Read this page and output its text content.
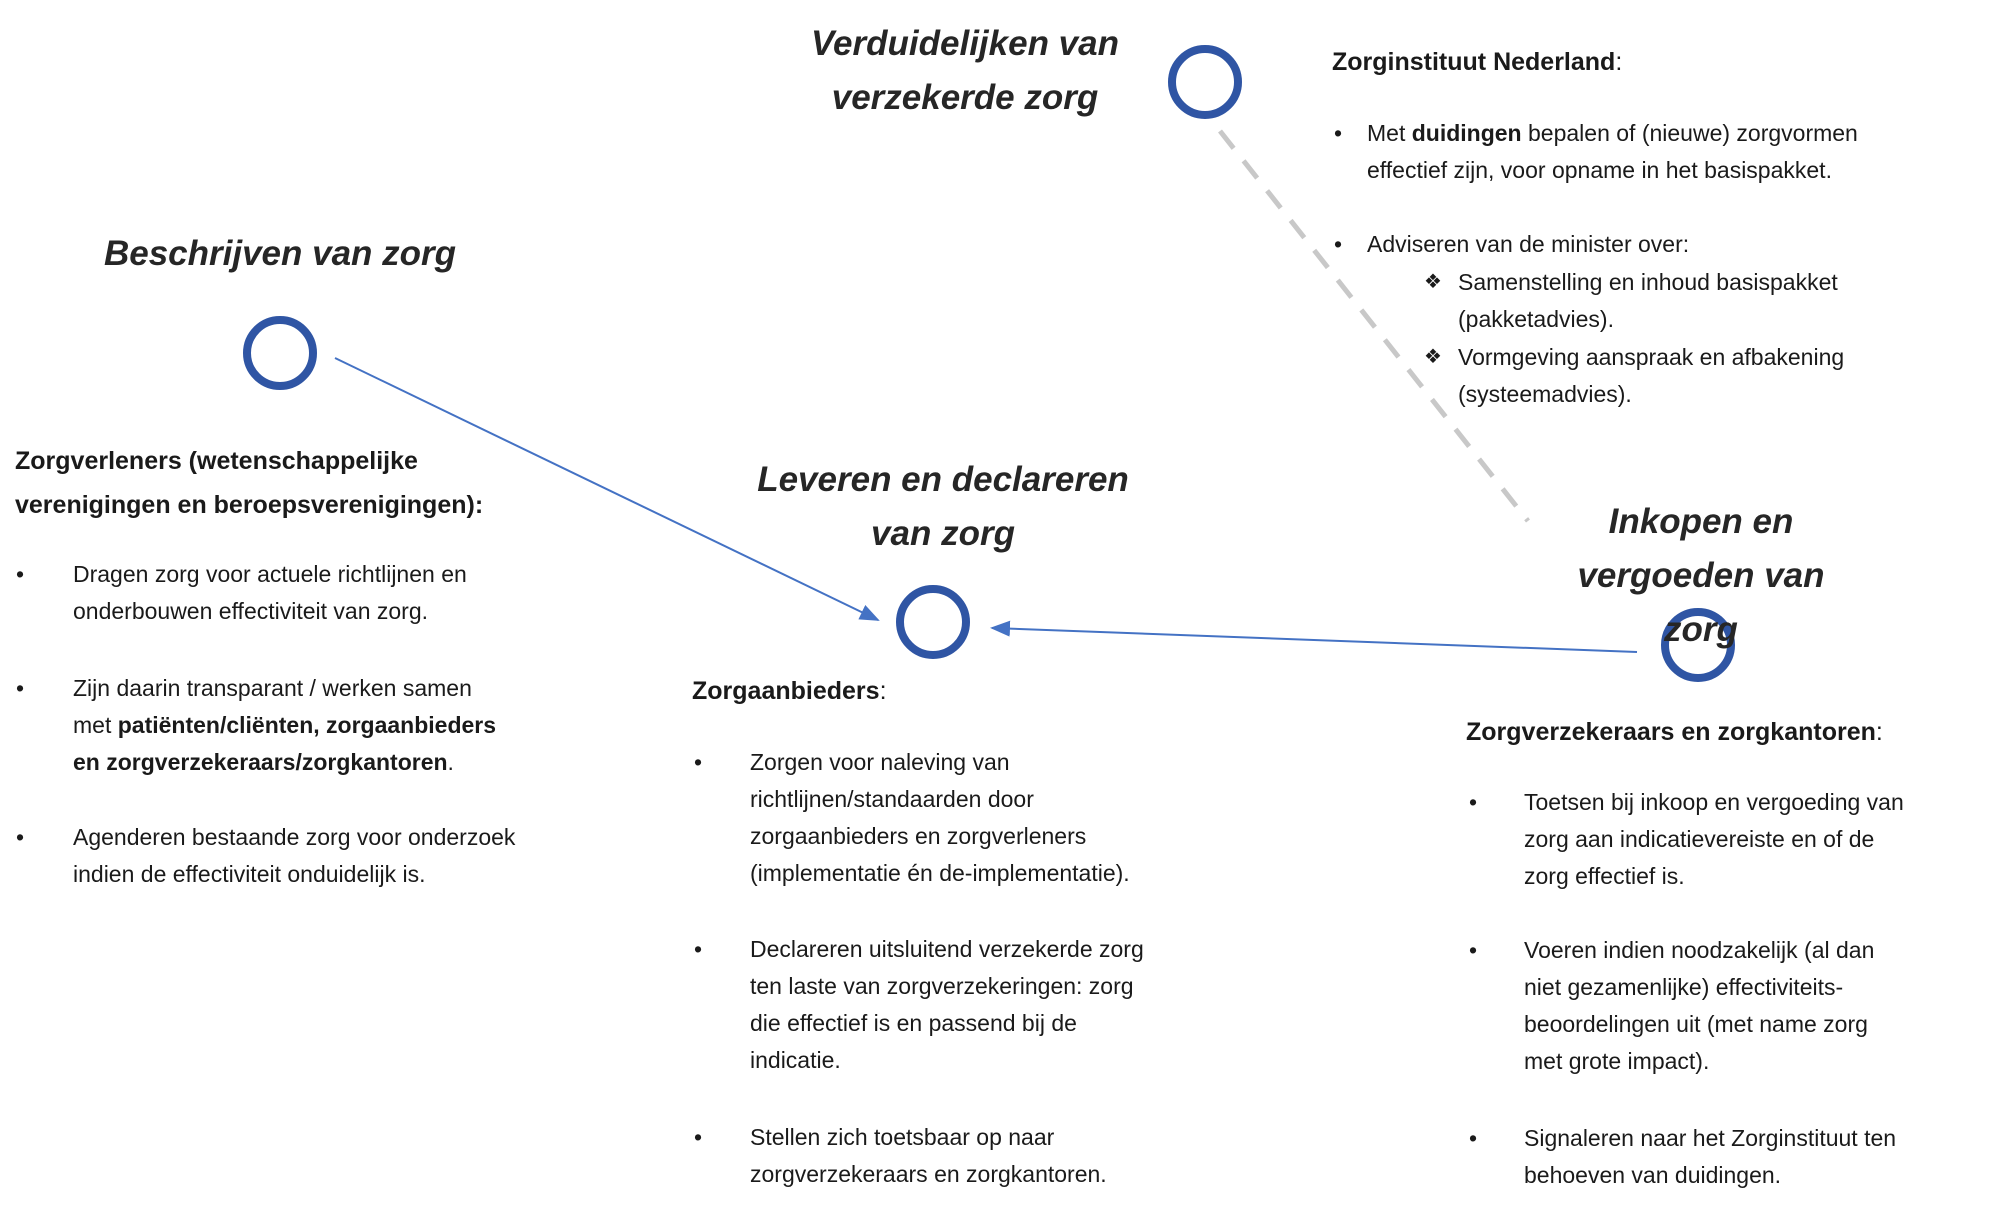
Verduidelijken van
verzekerde zorg
Beschrijven van zorg
Leveren en declareren
van zorg	Inkopen en
vergoeden van zorg
Zorginstituut Nederland:
• Met duidingen bepalen of (nieuwe) zorgvormen
effectief zijn, voor opname in het basispakket.
• Adviseren van de minister over:
❖ Samenstelling en inhoud basispakket
(pakketadvies).
❖ Vormgeving aanspraak en afbakening
(systeemadvies).
Zorgverleners (wetenschappelijke
verenigingen en beroepsverenigingen):
• Dragen zorg voor actuele richtlijnen en
onderbouwen effectiviteit van zorg.
• Zijn daarin transparant / werken samen
met patiënten/cliënten, zorgaanbieders
en zorgverzekeraars/zorgkantoren.
• Agenderen bestaande zorg voor onderzoek
indien de effectiviteit onduidelijk is.
Zorgaanbieders:
• Zorgen voor naleving van
richtlijnen/standaarden door
zorgaanbieders en zorgverleners
(implementatie én de-implementatie).
• Declareren uitsluitend verzekerde zorg
ten laste van zorgverzekeringen: zorg
die effectief is en passend bij de
indicatie.
• Stellen zich toetsbaar op naar
zorgverzekeraars en zorgkantoren.
Zorgverzekeraars en zorgkantoren:
• Toetsen bij inkoop en vergoeding van
zorg aan indicatievereiste en of de
zorg effectief is.
• Voeren indien noodzakelijk (al dan
niet gezamenlijke) effectiviteits-
beoordelingen uit (met name zorg
met grote impact).
• Signaleren naar het Zorginstituut ten
behoeven van duidingen.
